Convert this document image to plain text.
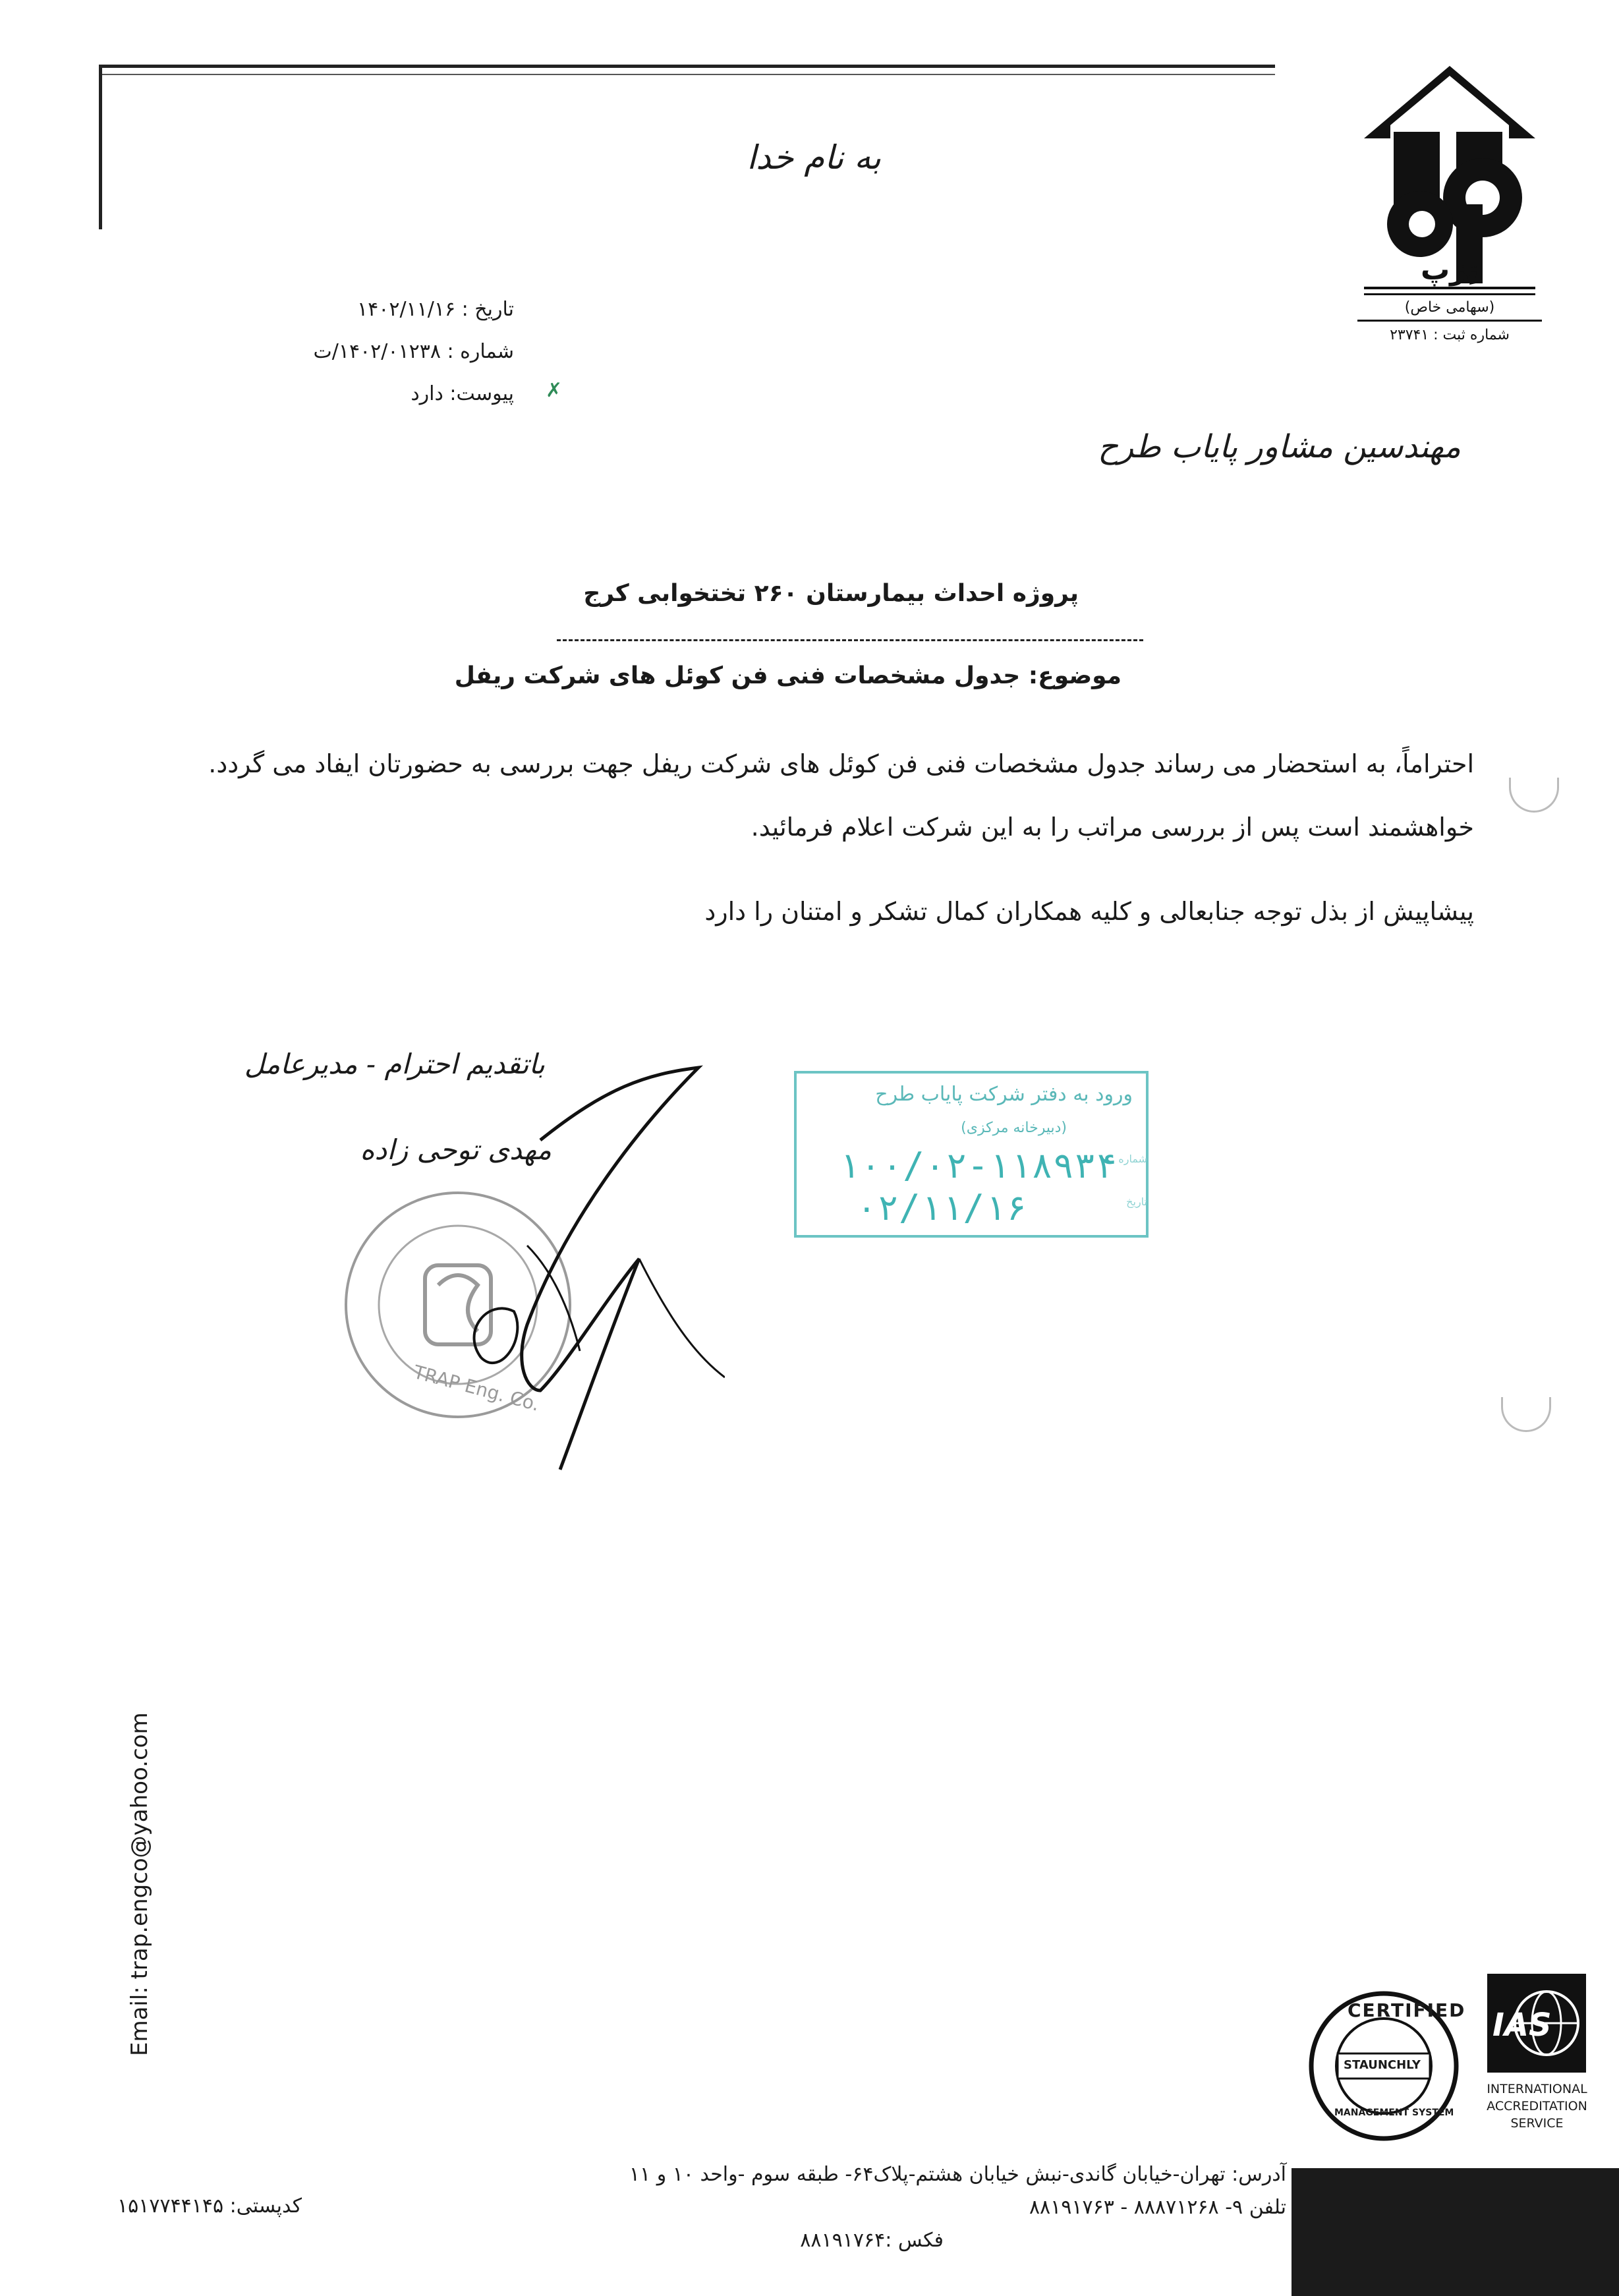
تِرَپ
(سهامی خاص)
شماره ثبت : ۲۳۷۴۱
به نام خدا
تاریخ : ۱۴۰۲/۱۱/۱۶
شماره : ۱۴۰۲/۰۱۲۳۸/ت
پیوست: دارد ✗
مهندسین مشاور پایاب طرح
پروژه احداث بیمارستان ۲۶۰ تختخوابی کرج
موضوع: جدول مشخصات فنی فن کوئل های شرکت ریفل

احتراماً، به استحضار می رساند جدول مشخصات فنی فن کوئل های شرکت ریفل جهت بررسی به حضورتان ایفاد می گردد.

خواهشمند است پس از بررسی مراتب را به این شرکت اعلام فرمائید.

پیشاپیش از بذل توجه جنابعالی و کلیه همکاران کمال تشکر و امتنان را دارد

باتقدیم احترام - مدیرعامل
مهدی توحی زاده
TRAP Eng. Co.
ورود به دفتر شرکت پایاب طرح
(دبیرخانه مرکزی)
شماره
۱۰۰/۰۲-۱۱۸۹۳۴
تاریخ
۰۲/۱۱/۱۶
Email: trap.engco@yahoo.com	CERTIFIED
STAUNCHLY
MANAGEMENT SYSTEM
IAS
INTERNATIONAL
ACCREDITATION
SERVICE
آدرس: تهران-خیابان گاندی-نبش خیابان هشتم-پلاک۶۴- طبقه سوم -واحد ۱۰ و ۱۱
تلفن ۹- ۸۸۸۷۱۲۶۸ - ۸۸۱۹۱۷۶۳
فکس :۸۸۱۹۱۷۶۴
کدپستی: ۱۵۱۷۷۴۴۱۴۵
